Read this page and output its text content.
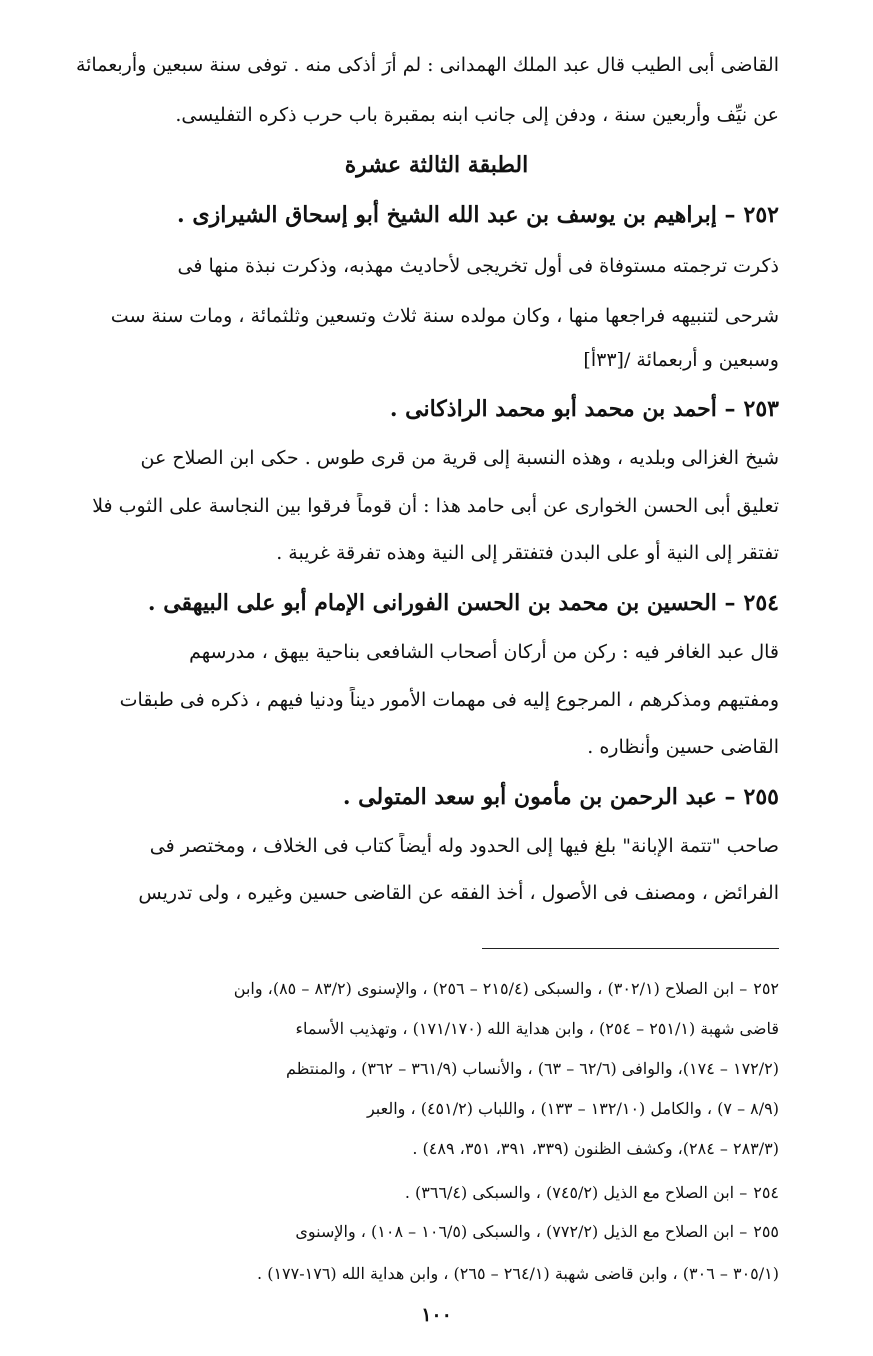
القاضى أبى الطيب قال عبد الملك الهمدانى : لم أرَ أذكى منه . توفى سنة سبعين وأربعمائة
عن نيِّف وأربعين سنة ، ودفن إلى جانب ابنه بمقبرة باب حرب ذكره التفليسى.
الطبقة الثالثة عشرة
٢٥٢– إبراهيم بن يوسف بن عبد الله الشيخ أبو إسحاق الشيرازى .
ذكرت ترجمته مستوفاة فى أول تخريجى لأحاديث مهذبه، وذكرت نبذة منها فى
شرحى لتنبيهه فراجعها منها ، وكان مولده سنة ثلاث وتسعين وثلثمائة ، ومات سنة ست
وسبعين و أربعمائة /[٣٣أ]
٢٥٣– أحمد بن محمد أبو محمد الراذكانى .
شيخ الغزالى وبلديه ، وهذه النسبة إلى قرية من قرى طوس . حكى ابن الصلاح عن
تعليق أبى الحسن الخوارى عن أبى حامد هذا : أن قوماً فرقوا بين النجاسة على الثوب فلا
تفتقر إلى النية أو على البدن فتفتقر إلى النية وهذه تفرقة غريبة .
٢٥٤– الحسين بن محمد بن الحسن الفورانى الإمام أبو على البيهقى .
قال عبد الغافر فيه : ركن من أركان أصحاب الشافعى بناحية بيهق ، مدرسهم
ومفتيهم ومذكرهم ، المرجوع إليه فى مهمات الأمور ديناً ودنيا فيهم ، ذكره فى طبقات
القاضى حسين وأنظاره .
٢٥٥– عبد الرحمن بن مأمون أبو سعد المتولى .
صاحب "تتمة الإبانة" بلغ فيها إلى الحدود وله أيضاً كتاب فى الخلاف ، ومختصر فى
الفرائض ، ومصنف فى الأصول ، أخذ الفقه عن القاضى حسين وغيره ، ولى تدريس
٢٥٢– ابن الصلاح (٣٠٢/١) ، والسبكى (٢١٥/٤ – ٢٥٦) ، والإسنوى (٨٣/٢ – ٨٥)، وابن
قاضى شهبة (٢٥١/١ – ٢٥٤) ، وابن هداية الله (١٧١/١٧٠) ، وتهذيب الأسماء
(١٧٢/٢ – ١٧٤)، والوافى (٦٢/٦ – ٦٣) ، والأنساب (٣٦١/٩ – ٣٦٢) ، والمنتظم
(٨/٩ – ٧) ، والكامل (١٣٢/١٠ – ١٣٣) ، واللباب (٤٥١/٢) ، والعبر
(٢٨٣/٣ – ٢٨٤)، وكشف الظنون (٣٣٩، ٣٩١، ٣٥١، ٤٨٩) .
٢٥٤– ابن الصلاح مع الذيل (٧٤٥/٢) ، والسبكى (٣٦٦/٤) .
٢٥٥– ابن الصلاح مع الذيل (٧٧٢/٢) ، والسبكى (١٠٦/٥ – ١٠٨) ، والإسنوى
(٣٠٥/١ – ٣٠٦) ، وابن قاضى شهبة (٢٦٤/١ – ٢٦٥) ، وابن هداية الله (١٧٦-١٧٧) .
١٠٠
